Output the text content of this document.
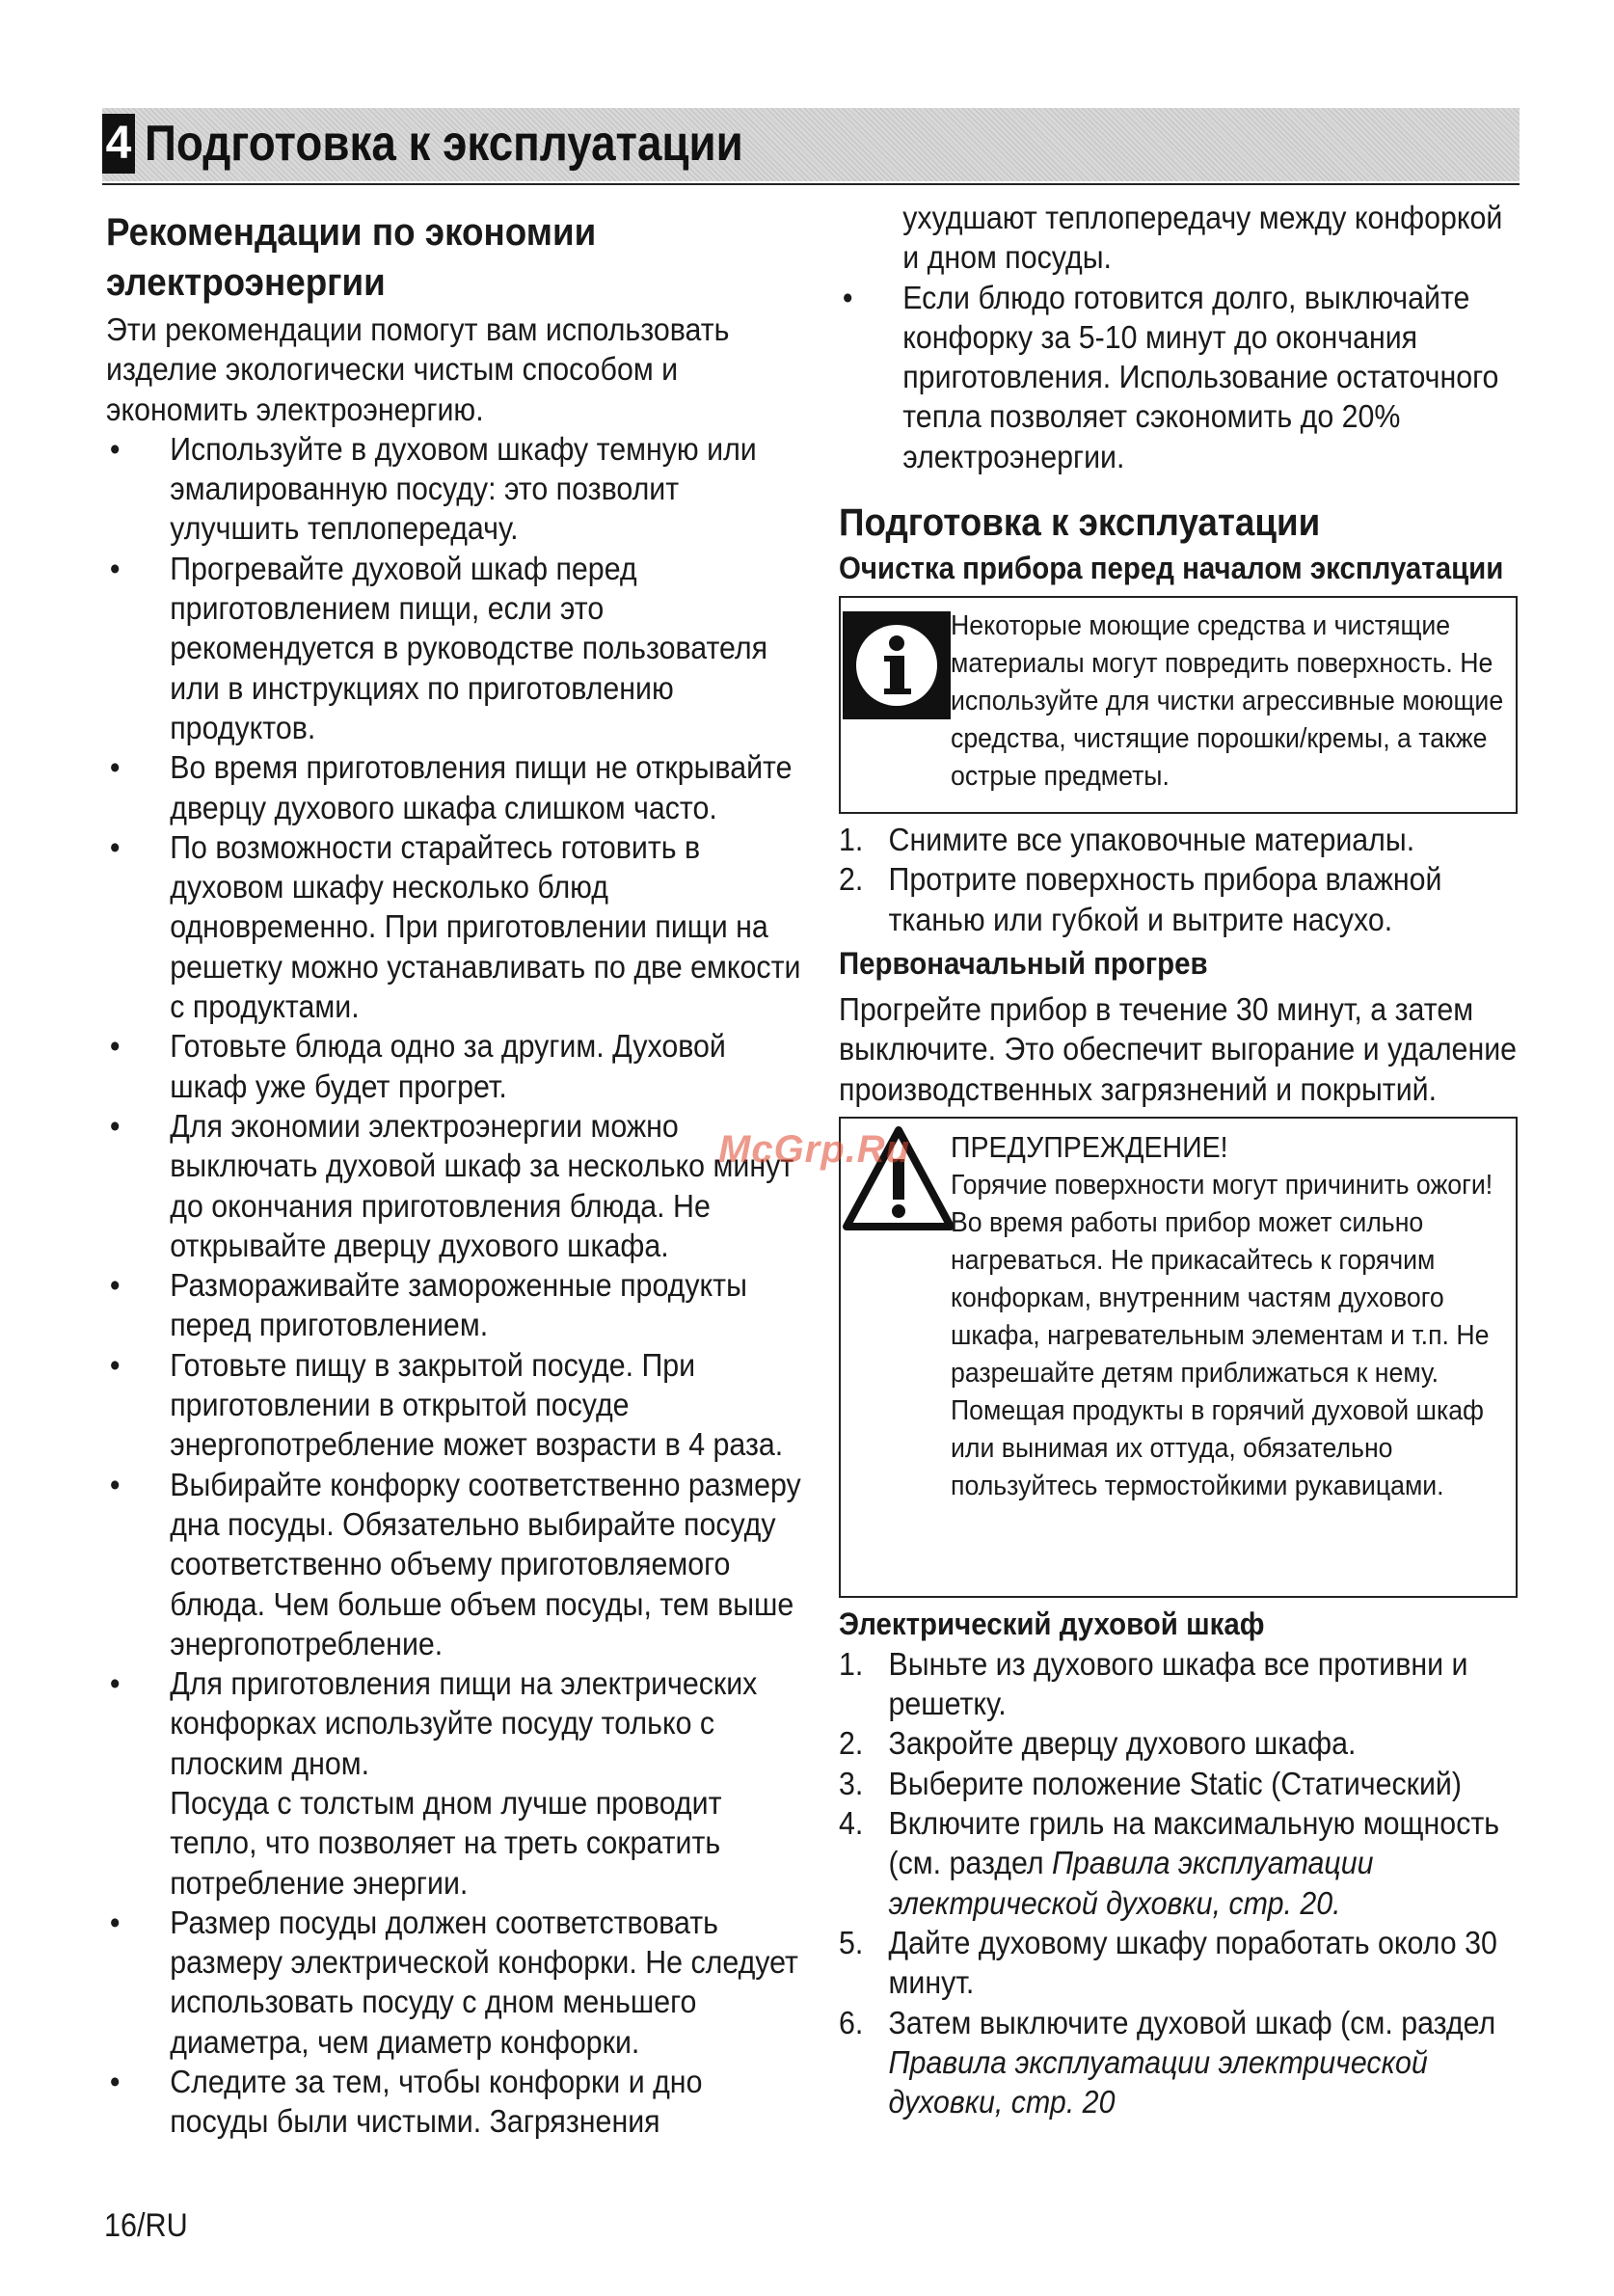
4 Подготовка к эксплуатации
Рекомендации по экономии
электроэнергии

Эти рекомендации помогут вам использовать изделие экологически чистым способом и экономить электроэнергию.

• Используйте в духовом шкафу темную или эмалированную посуду: это позволит улучшить теплопередачу.
• Прогревайте духовой шкаф перед приготовлением пищи, если это рекомендуется в руководстве пользователя или в инструкциях по приготовлению продуктов.
• Во время приготовления пищи не открывайте дверцу духового шкафа слишком часто.
• По возможности старайтесь готовить в духовом шкафу несколько блюд одновременно. При приготовлении пищи на решетку можно устанавливать по две емкости с продуктами.
• Готовьте блюда одно за другим. Духовой шкаф уже будет прогрет.
• Для экономии электроэнергии можно выключать духовой шкаф за несколько минут до окончания приготовления блюда. Не открывайте дверцу духового шкафа.
• Размораживайте замороженные продукты перед приготовлением.
• Готовьте пищу в закрытой посуде. При приготовлении в открытой посуде энергопотребление может возрасти в 4 раза.
• Выбирайте конфорку соответственно размеру дна посуды. Обязательно выбирайте посуду соответственно объему приготовляемого блюда. Чем больше объем посуды, тем выше энергопотребление.
• Для приготовления пищи на электрических конфорках используйте посуду только с плоским дном.
Посуда с толстым дном лучше проводит тепло, что позволяет на треть сократить потребление энергии.
• Размер посуды должен соответствовать размеру электрической конфорки. Не следует использовать посуду с дном меньшего диаметра, чем диаметр конфорки.
• Следите за тем, чтобы конфорки и дно посуды были чистыми. Загрязнения
ухудшают теплопередачу между конфоркой и дном посуды.
• Если блюдо готовится долго, выключайте конфорку за 5-10 минут до окончания приготовления. Использование остаточного тепла позволяет сэкономить до 20% электроэнергии.
Подготовка к эксплуатации
Очистка прибора перед началом эксплуатации

Некоторые моющие средства и чистящие материалы могут повредить поверхность. Не используйте для чистки агрессивные моющие средства, чистящие порошки/кремы, а также острые предметы.

1. Снимите все упаковочные материалы.
2. Протрите поверхность прибора влажной тканью или губкой и вытрите насухо.
Первоначальный прогрев

Прогрейте прибор в течение 30 минут, а затем выключите. Это обеспечит выгорание и удаление производственных загрязнений и покрытий.

ПРЕДУПРЕЖДЕНИЕ!

Горячие поверхности могут причинить ожоги!

Во время работы прибор может сильно нагреваться. Не прикасайтесь к горячим конфоркам, внутренним частям духового шкафа, нагревательным элементам и т.п. Не разрешайте детям приближаться к нему.

Помещая продукты в горячий духовой шкаф или вынимая их оттуда, обязательно пользуйтесь термостойкими рукавицами.

Электрический духовой шкаф
1. Выньте из духового шкафа все противни и решетку.
2. Закройте дверцу духового шкафа.
3. Выберите положение Static (Статический)
4. Включите гриль на максимальную мощность (см. раздел Правила эксплуатации электрической духовки, стр. 20.
5. Дайте духовому шкафу поработать около 30 минут.
6. Затем выключите духовой шкаф (см. раздел Правила эксплуатации электрической духовки, стр. 20
McGrp.Ru
16/RU
